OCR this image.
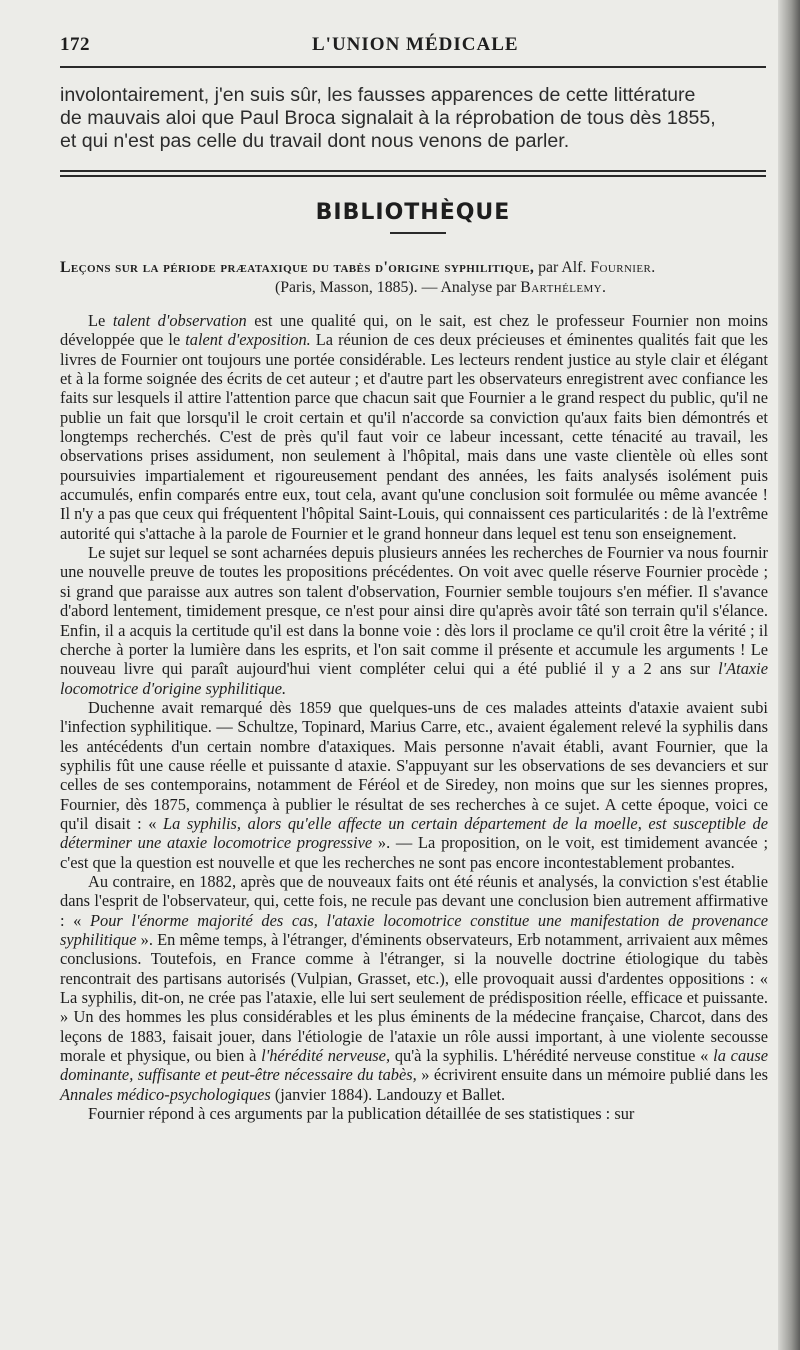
172	L'UNION MÉDICALE
involontairement, j'en suis sûr, les fausses apparences de cette littérature
de mauvais aloi que Paul Broca signalait à la réprobation de tous dès 1855,
et qui n'est pas celle du travail dont nous venons de parler.
BIBLIOTHÈQUE
Leçons sur la période præataxique du tabès d'origine syphilitique, par Alf. Fournier.
(Paris, Masson, 1885). — Analyse par Barthélemy.

Le talent d'observation est une qualité qui, on le sait, est chez le professeur Fournier non moins développée que le talent d'exposition. La réunion de ces deux précieuses et éminentes qualités fait que les livres de Fournier ont toujours une portée considérable. Les lecteurs rendent justice au style clair et élégant et à la forme soignée des écrits de cet auteur ; et d'autre part les observateurs enregistrent avec confiance les faits sur lesquels il attire l'attention parce que chacun sait que Fournier a le grand respect du public, qu'il ne publie un fait que lorsqu'il le croit certain et qu'il n'accorde sa conviction qu'aux faits bien démontrés et longtemps recherchés. C'est de près qu'il faut voir ce labeur incessant, cette ténacité au travail, les observations prises assidument, non seulement à l'hôpital, mais dans une vaste clientèle où elles sont poursuivies impartialement et rigoureusement pendant des années, les faits analysés isolément puis accumulés, enfin comparés entre eux, tout cela, avant qu'une conclusion soit formulée ou même avancée ! Il n'y a pas que ceux qui fréquentent l'hôpital Saint-Louis, qui connaissent ces particularités : de là l'extrême autorité qui s'attache à la parole de Fournier et le grand honneur dans lequel est tenu son enseignement.

Le sujet sur lequel se sont acharnées depuis plusieurs années les recherches de Fournier va nous fournir une nouvelle preuve de toutes les propositions précédentes. On voit avec quelle réserve Fournier procède ; si grand que paraisse aux autres son talent d'observation, Fournier semble toujours s'en méfier. Il s'avance d'abord lentement, timidement presque, ce n'est pour ainsi dire qu'après avoir tâté son terrain qu'il s'élance. Enfin, il a acquis la certitude qu'il est dans la bonne voie : dès lors il proclame ce qu'il croit être la vérité ; il cherche à porter la lumière dans les esprits, et l'on sait comme il présente et accumule les arguments ! Le nouveau livre qui paraît aujourd'hui vient compléter celui qui a été publié il y a 2 ans sur l'Ataxie locomotrice d'origine syphilitique.

Duchenne avait remarqué dès 1859 que quelques-uns de ces malades atteints d'ataxie avaient subi l'infection syphilitique. — Schultze, Topinard, Marius Carre, etc., avaient également relevé la syphilis dans les antécédents d'un certain nombre d'ataxiques. Mais personne n'avait établi, avant Fournier, que la syphilis fût une cause réelle et puissante d ataxie. S'appuyant sur les observations de ses devanciers et sur celles de ses contemporains, notamment de Féréol et de Siredey, non moins que sur les siennes propres, Fournier, dès 1875, commença à publier le résultat de ses recherches à ce sujet. A cette époque, voici ce qu'il disait : « La syphilis, alors qu'elle affecte un certain département de la moelle, est susceptible de déterminer une ataxie locomotrice progressive ». — La proposition, on le voit, est timidement avancée ; c'est que la question est nouvelle et que les recherches ne sont pas encore incontestablement probantes.

Au contraire, en 1882, après que de nouveaux faits ont été réunis et analysés, la conviction s'est établie dans l'esprit de l'observateur, qui, cette fois, ne recule pas devant une conclusion bien autrement affirmative : « Pour l'énorme majorité des cas, l'ataxie locomotrice constitue une manifestation de provenance syphilitique ». En même temps, à l'étranger, d'éminents observateurs, Erb notamment, arrivaient aux mêmes conclusions. Toutefois, en France comme à l'étranger, si la nouvelle doctrine étiologique du tabès rencontrait des partisans autorisés (Vulpian, Grasset, etc.), elle provoquait aussi d'ardentes oppositions : « La syphilis, dit-on, ne crée pas l'ataxie, elle lui sert seulement de prédisposition réelle, efficace et puissante. » Un des hommes les plus considérables et les plus éminents de la médecine française, Charcot, dans des leçons de 1883, faisait jouer, dans l'étiologie de l'ataxie un rôle aussi important, à une violente secousse morale et physique, ou bien à l'hérédité nerveuse, qu'à la syphilis. L'hérédité nerveuse constitue « la cause dominante, suffisante et peut-être nécessaire du tabès, » écrivirent ensuite dans un mémoire publié dans les Annales médico-psychologiques (janvier 1884). Landouzy et Ballet.

Fournier répond à ces arguments par la publication détaillée de ses statistiques : sur
